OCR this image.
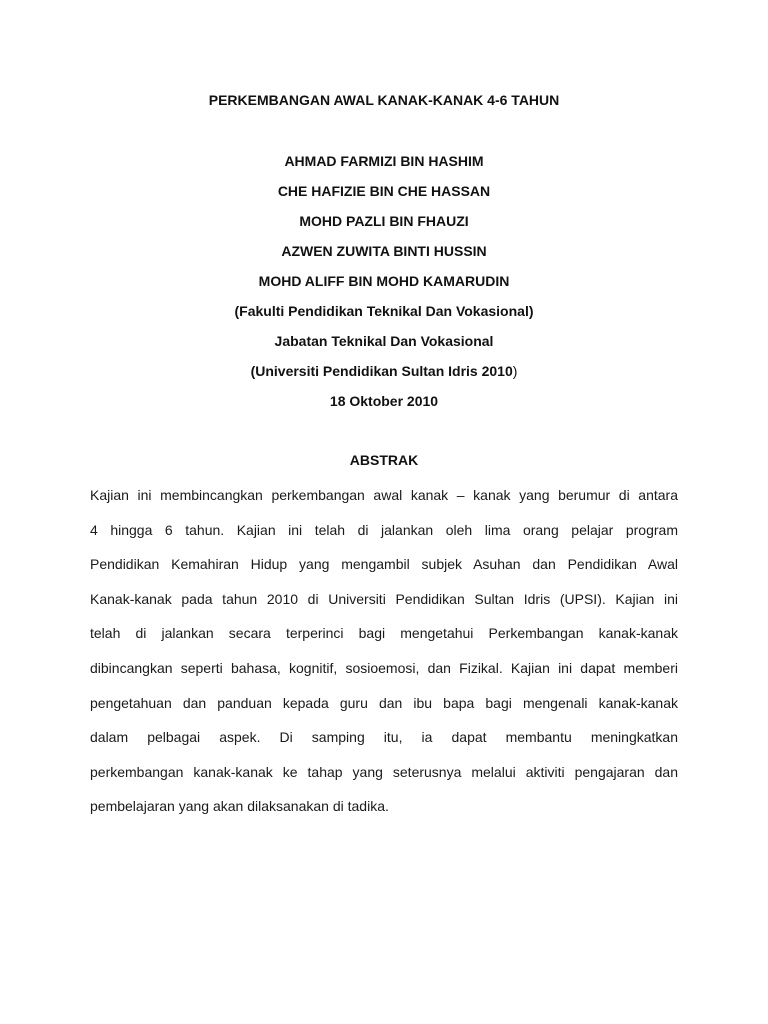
PERKEMBANGAN AWAL KANAK-KANAK 4-6 TAHUN
AHMAD FARMIZI BIN HASHIM
CHE HAFIZIE BIN CHE HASSAN
MOHD PAZLI BIN FHAUZI
AZWEN ZUWITA BINTI HUSSIN
MOHD ALIFF BIN MOHD KAMARUDIN
(Fakulti Pendidikan Teknikal Dan Vokasional)
Jabatan Teknikal Dan Vokasional
(Universiti Pendidikan Sultan Idris 2010)
18 Oktober 2010
ABSTRAK
Kajian ini membincangkan perkembangan awal kanak – kanak yang berumur di antara
4 hingga 6 tahun. Kajian ini telah di jalankan oleh lima orang pelajar program
Pendidikan Kemahiran Hidup yang mengambil subjek Asuhan dan Pendidikan Awal
Kanak-kanak pada tahun 2010 di Universiti Pendidikan Sultan Idris (UPSI). Kajian ini
telah di jalankan secara terperinci bagi mengetahui Perkembangan kanak-kanak
dibincangkan seperti bahasa, kognitif, sosioemosi, dan Fizikal. Kajian ini dapat memberi
pengetahuan dan panduan kepada guru dan ibu bapa bagi mengenali kanak-kanak
dalam pelbagai aspek. Di samping itu, ia dapat membantu meningkatkan
perkembangan kanak-kanak ke tahap yang seterusnya melalui aktiviti pengajaran dan
pembelajaran yang akan dilaksanakan di tadika.
